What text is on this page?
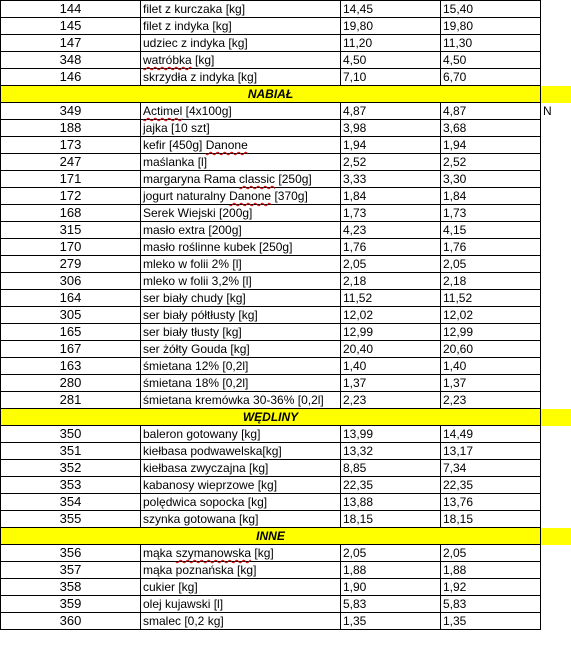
144	filet z kurczaka [kg]	14,45	15,40	
145	filet z indyka [kg]	19,80	19,80	
147	udziec z indyka [kg]	11,20	11,30	
348	watróbka [kg]	4,50	4,50	
146	skrzydła z indyka [kg]	7,10	6,70	
NABIAŁ				
349	Actimel [4x100g]	4,87	4,87	N
188	jajka [10 szt]	3,98	3,68	
173	kefir [450g] Danone	1,94	1,94	
247	maślanka [l]	2,52	2,52	
171	margaryna Rama classic [250g]	3,33	3,30	
172	jogurt naturalny Danone [370g]	1,84	1,84	
168	Serek Wiejski [200g]	1,73	1,73	
315	masło extra [200g]	4,23	4,15	
170	masło roślinne kubek [250g]	1,76	1,76	
279	mleko w folii 2% [l]	2,05	2,05	
306	mleko w folii 3,2% [l]	2,18	2,18	
164	ser biały chudy [kg]	11,52	11,52	
305	ser biały półtłusty [kg]	12,02	12,02	
165	ser biały tłusty [kg]	12,99	12,99	
167	ser żółty Gouda [kg]	20,40	20,60	
163	śmietana 12% [0,2l]	1,40	1,40	
280	śmietana 18% [0,2l]	1,37	1,37	
281	śmietana kremówka 30-36% [0,2l]	2,23	2,23	
WĘDLINY				
350	baleron gotowany [kg]	13,99	14,49	
351	kiełbasa podwawelska[kg]	13,32	13,17	
352	kiełbasa zwyczajna [kg]	8,85	7,34	
353	kabanosy wieprzowe [kg]	22,35	22,35	
354	polędwica sopocka [kg]	13,88	13,76	
355	szynka gotowana [kg]	18,15	18,15	
INNE				
356	mąka szymanowska [kg]	2,05	2,05	
357	mąka poznańska [kg]	1,88	1,88	
358	cukier [kg]	1,90	1,92	
359	olej kujawski [l]	5,83	5,83	
360	smalec [0,2 kg]	1,35	1,35	
